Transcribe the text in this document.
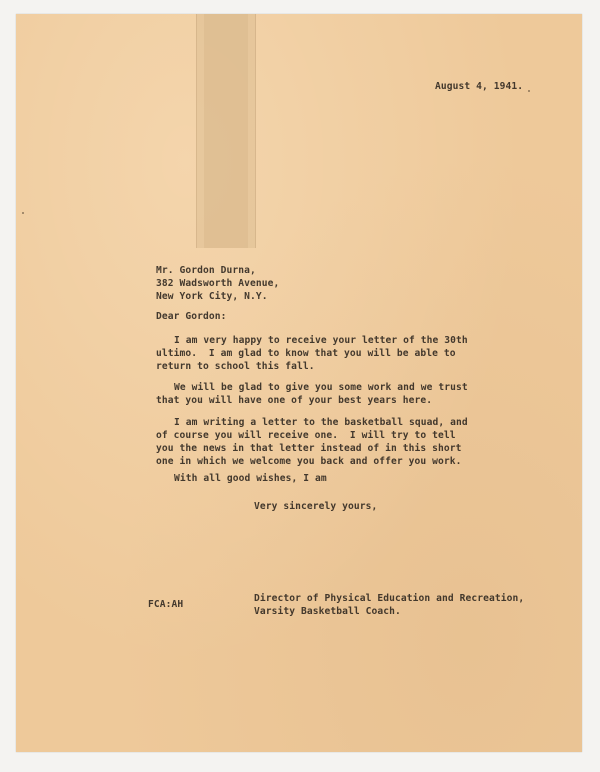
August 4, 1941.
Mr. Gordon Durna,
382 Wadsworth Avenue,
New York City, N.Y.
Dear Gordon:
I am very happy to receive your letter of the 30th
ultimo.  I am glad to know that you will be able to
return to school this fall.
We will be glad to give you some work and we trust
that you will have one of your best years here.
I am writing a letter to the basketball squad, and
of course you will receive one.  I will try to tell
you the news in that letter instead of in this short
one in which we welcome you back and offer you work.
With all good wishes, I am
Very sincerely yours,
FCA:AH
Director of Physical Education and Recreation,
Varsity Basketball Coach.
